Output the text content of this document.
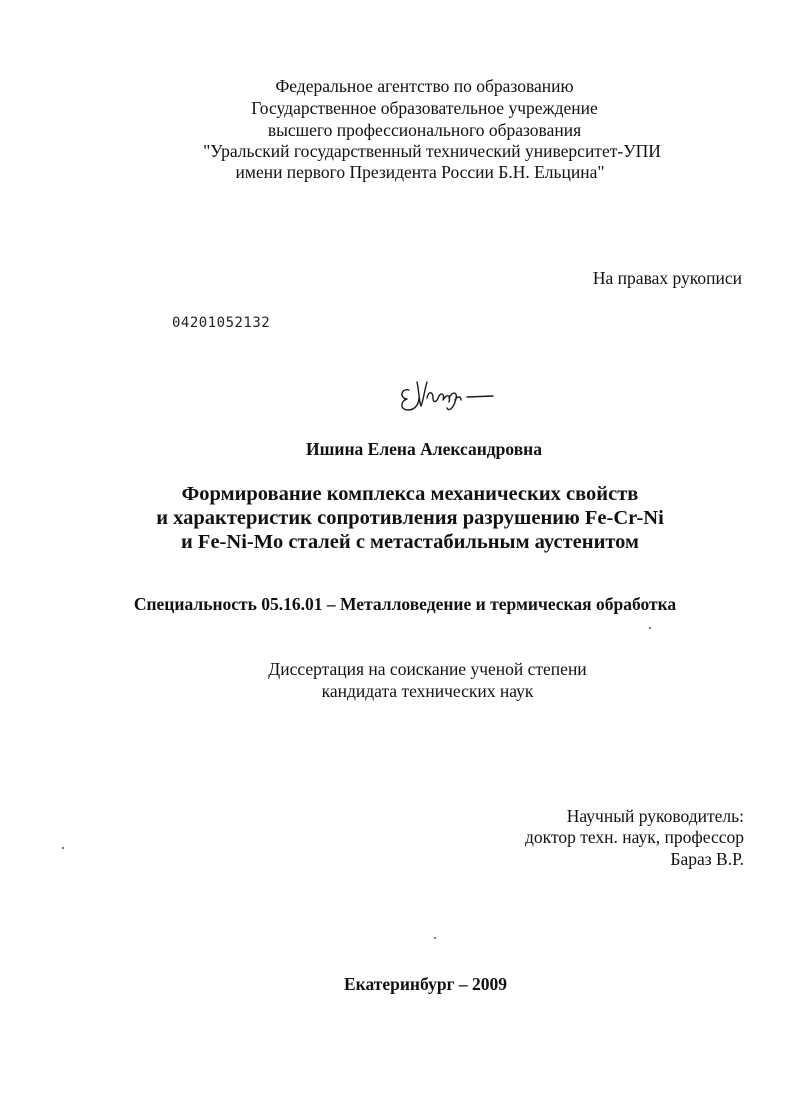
Федеральное агентство по образованию
Государственное образовательное учреждение
высшего профессионального образования
"Уральский государственный технический университет-УПИ
имени первого Президента России Б.Н. Ельцина"
На правах рукописи
04201052132
Ишина Елена Александровна
Формирование комплекса механических свойств
и характеристик сопротивления разрушению Fe-Cr-Ni
и Fe-Ni-Mo сталей с метастабильным аустенитом
Специальность 05.16.01 – Металловедение и термическая обработка
Диссертация на соискание ученой степени
кандидата технических наук
Научный руководитель:
доктор техн. наук, профессор
Бараз В.Р.
Екатеринбург – 2009
